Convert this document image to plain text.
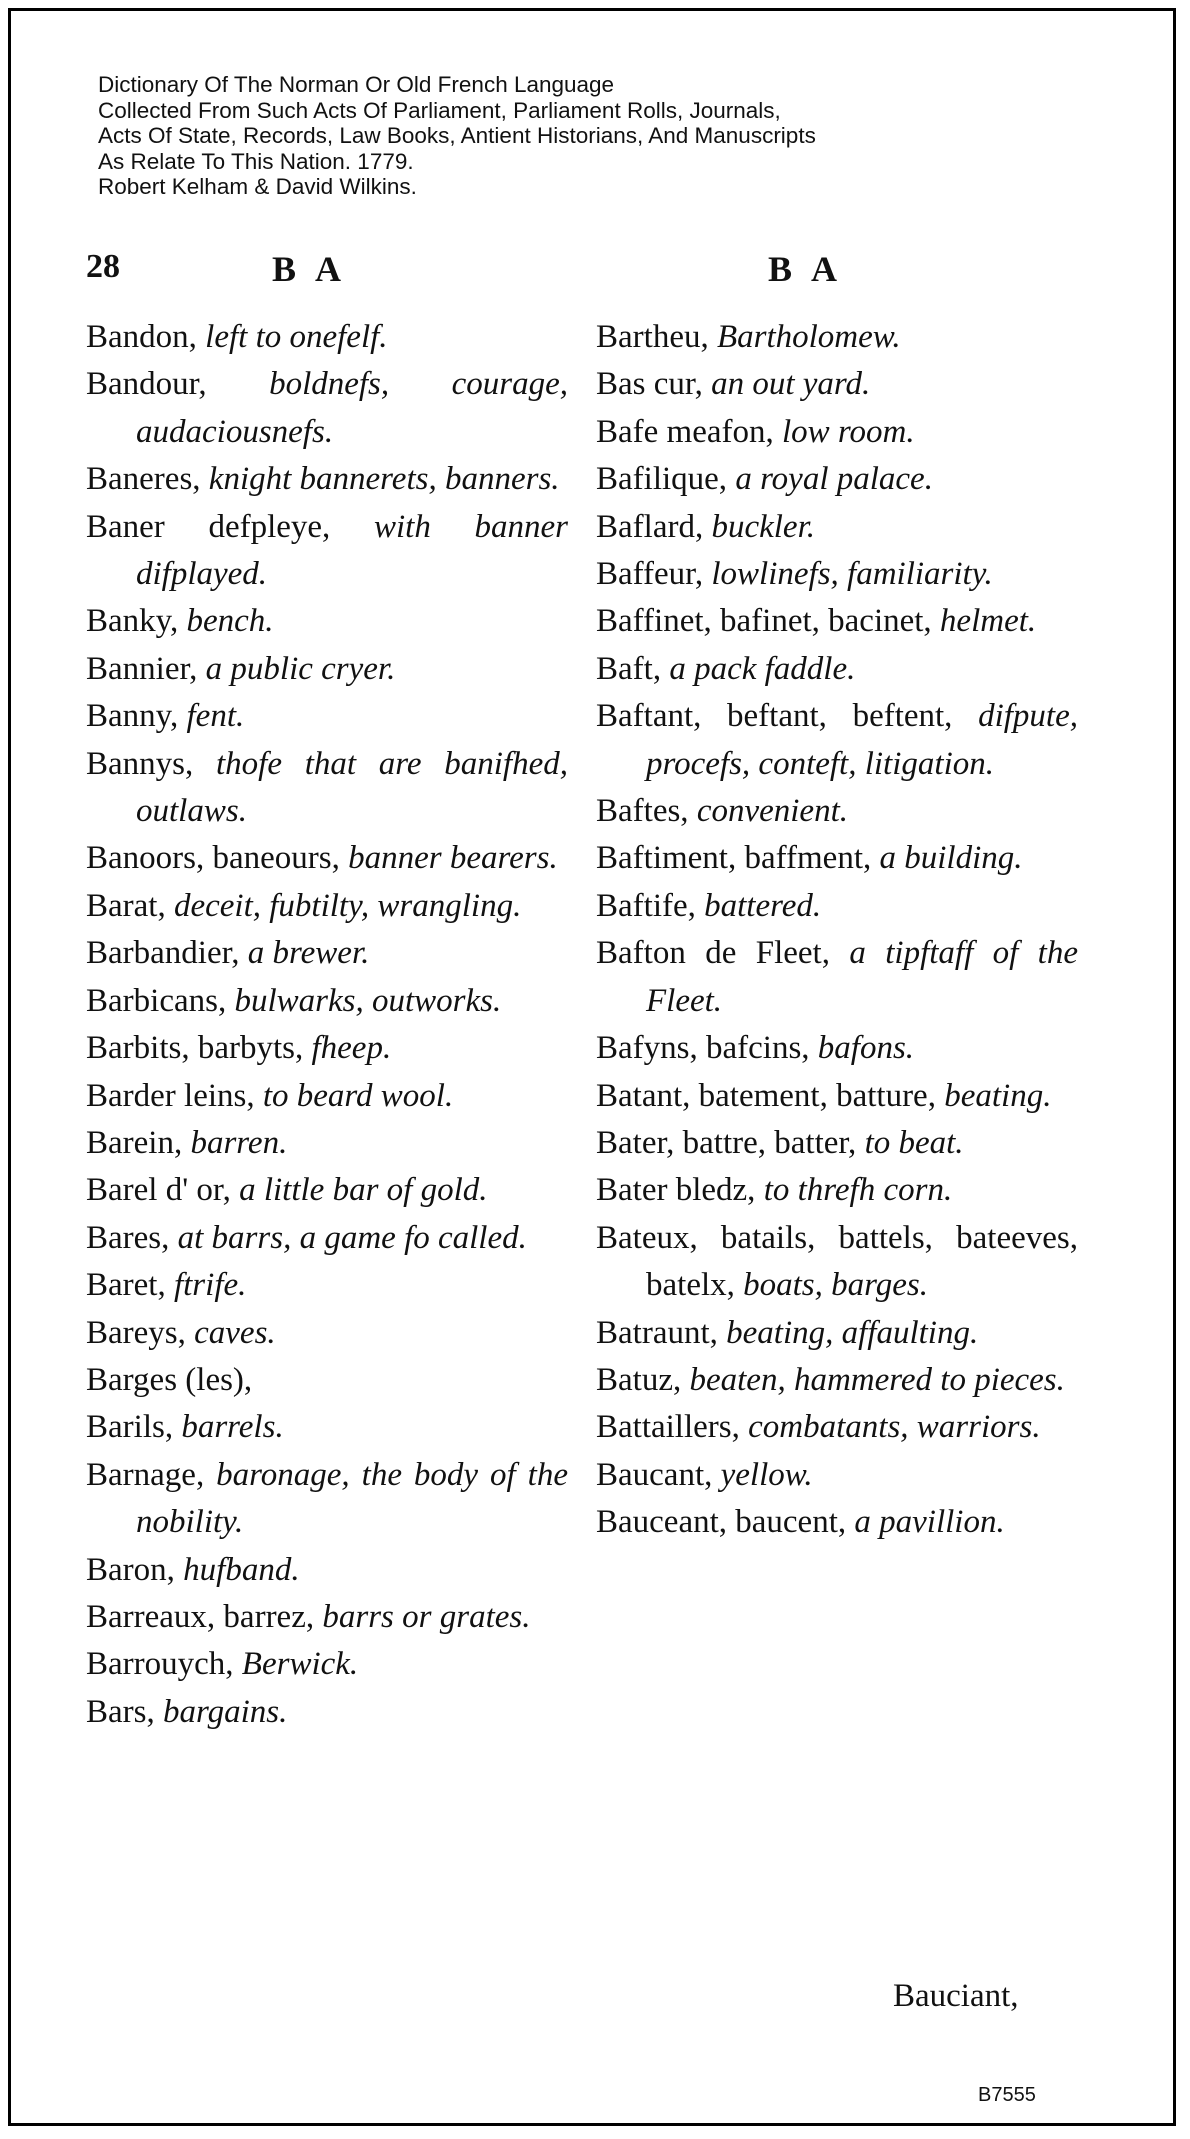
Dictionary Of The Norman Or Old French Language
Collected From Such Acts Of Parliament, Parliament Rolls, Journals,
Acts Of State, Records, Law Books, Antient Historians, And Manuscripts
As Relate To This Nation. 1779.
Robert Kelham & David Wilkins.
28	B A	B A

Bandon, left to onefelf.

Bandour, boldnefs, courage, audaciousnefs.

Baneres, knight bannerets, banners.

Baner defpleye, with banner difplayed.

Banky, bench.

Bannier, a public cryer.

Banny, fent.

Bannys, thofe that are banifhed, outlaws.

Banoors, baneours, banner bearers.

Barat, deceit, fubtilty, wrangling.

Barbandier, a brewer.

Barbicans, bulwarks, outworks.

Barbits, barbyts, fheep.

Barder leins, to beard wool.

Barein, barren.

Barel d' or, a little bar of gold.

Bares, at barrs, a game fo called.

Baret, ftrife.

Bareys, caves.

Barges (les),

Barils, barrels.

Barnage, baronage, the body of the nobility.

Baron, hufband.

Barreaux, barrez, barrs or grates.

Barrouych, Berwick.

Bars, bargains.

Bartheu, Bartholomew.

Bas cur, an out yard.

Bafe meafon, low room.

Bafilique, a royal palace.

Baflard, buckler.

Baffeur, lowlinefs, familiarity.

Baffinet, bafinet, bacinet, helmet.

Baft, a pack faddle.

Baftant, beftant, beftent, difpute, procefs, conteft, litigation.

Baftes, convenient.

Baftiment, baffment, a building.

Baftife, battered.

Bafton de Fleet, a tipftaff of the Fleet.

Bafyns, bafcins, bafons.

Batant, batement, batture, beating.

Bater, battre, batter, to beat.

Bater bledz, to threfh corn.

Bateux, batails, battels, bateeves, batelx, boats, barges.

Batraunt, beating, affaulting.

Batuz, beaten, hammered to pieces.

Battaillers, combatants, warriors.

Baucant, yellow.

Bauceant, baucent, a pavillion.

Bauciant,
B7555
